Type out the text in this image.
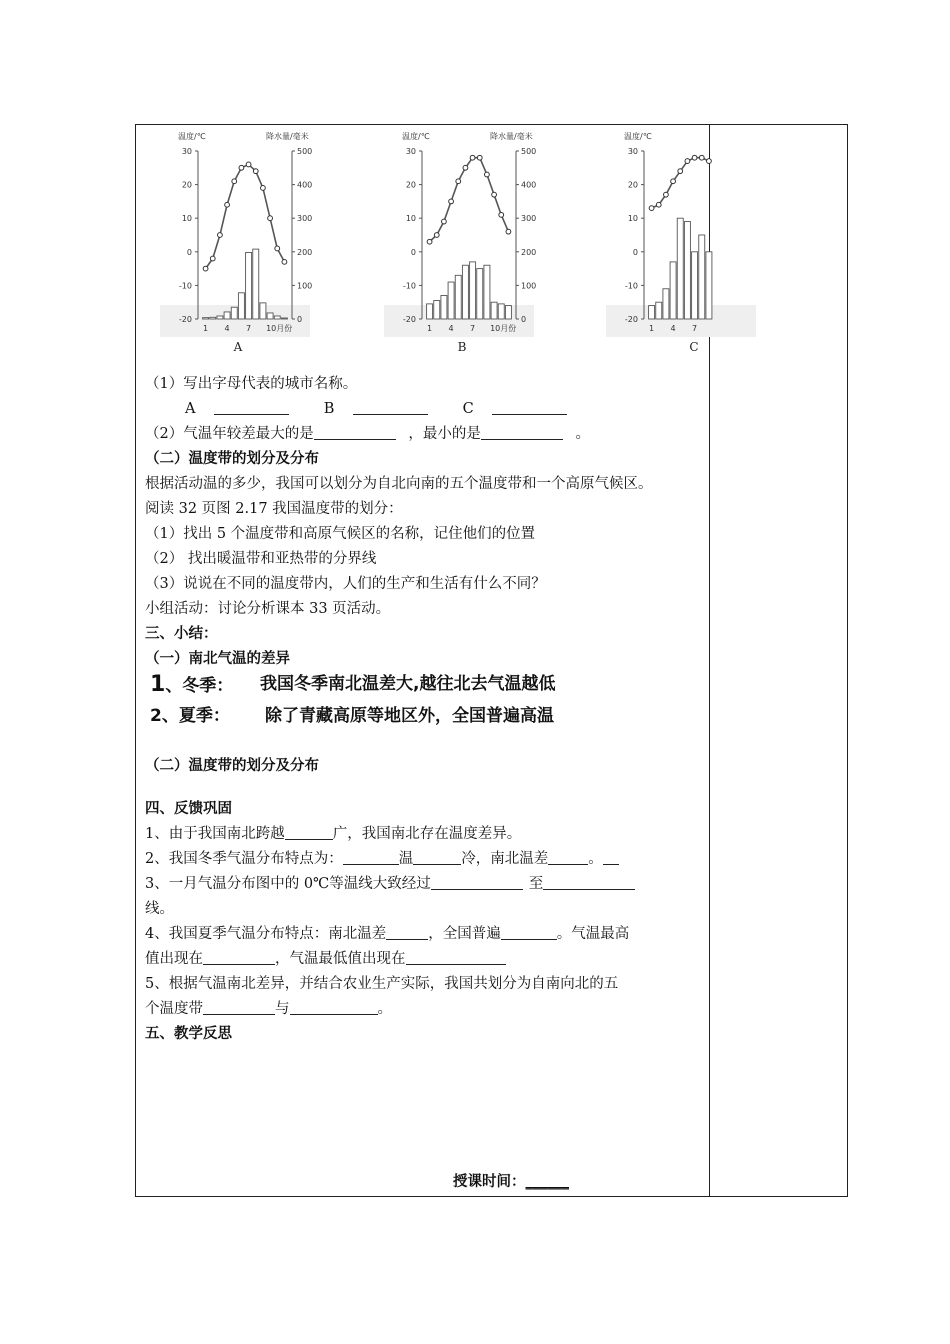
温度/℃	降水量/毫米
30
20
10
0
-10
-20
500
400
300
200
100
0
1 4 7 10月份
A
温度/℃	降水量/毫米
30
20
10
0
-10
-20
500
400
300
200
100
0
1 4 7 10月份
B
温度/℃
30
20
10
0
-10
-20
1 4 7
C
（1）写出字母代表的城市名称。
A	B	C
（2）气温年较差最大的是	，最小的是	。
（二）温度带的划分及分布
根据活动温的多少，我国可以划分为自北向南的五个温度带和一个高原气候区。
阅读 32 页图 2.17 我国温度带的划分：
（1）找出 5 个温度带和高原气候区的名称，记住他们的位置
（2） 找出暖温带和亚热带的分界线
（3）说说在不同的温度带内，人们的生产和生活有什么不同？
小组活动：讨论分析课本 33 页活动。
三、小结：
（一）南北气温的差异
1、冬季： 我国冬季南北温差大,越往北去气温越低
2、夏季： 除了青藏高原等地区外，全国普遍高温
（二）温度带的划分及分布
四、反馈巩固
1、由于我国南北跨越	广，我国南北存在温度差异。
2、我国冬季气温分布特点为：	温	冷，南北温差	。
3、一月气温分布图中的 0℃等温线大致经过	至
线。
4、我国夏季气温分布特点：南北温差	，全国普遍	。气温最高
值出现在	，气温最低值出现在
5、根据气温南北差异，并结合农业生产实际，我国共划分为自南向北的五
个温度带	与	。
五、教学反思
授课时间：______
